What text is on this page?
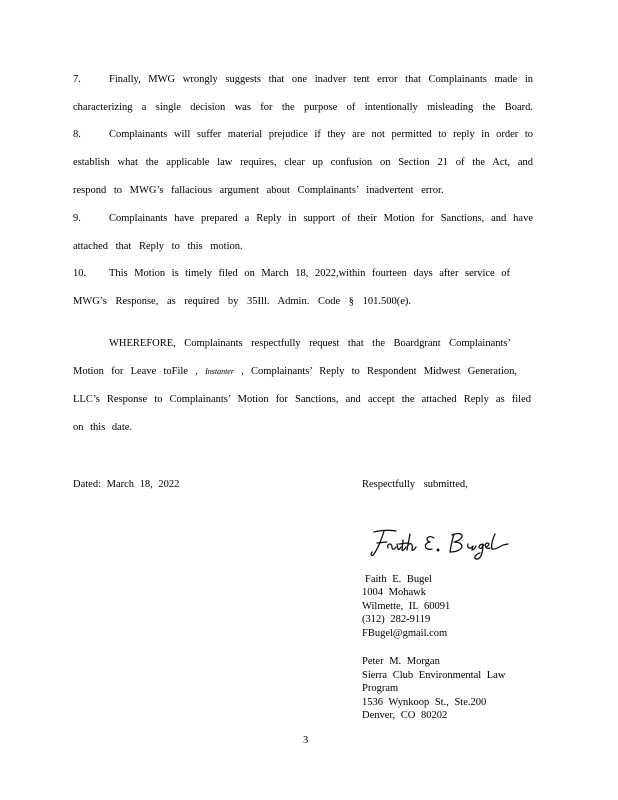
7.	Finally, MWG wrongly suggests that one inadver tent error that Complainants made in
characterizing a single decision was for the purpose of intentionally misleading the Board.
8.	Complainants will suffer material prejudice if they are not permitted to reply in order to
establish what the applicable law requires, clear up confusion on Section 21 of the Act, and
respond to MWG’s fallacious argument about Complainants’ inadvertent error.
9.	Complainants have prepared a Reply in support of their Motion for Sanctions, and have
attached that Reply to this motion.
10. This Motion is timely filed on March 18, 2022,within fourteen days after service of
MWG’s Response, as required by 35Ill. Admin. Code § 101.500(e).
WHEREFORE, Complainants respectfully request that the Boardgrant Complainants’
Motion for Leave toFile , Instanter , Complainants’ Reply to Respondent Midwest Generation,
LLC’s Response to Complainants’ Motion for Sanctions, and accept the attached Reply as filed
on this date.
Dated: March 18, 2022	Respectfully submitted,
Faith E. Bugel
1004 Mohawk
Wilmette, IL 60091
(312) 282-9119
FBugel@gmail.com
Peter M. Morgan
Sierra Club Environmental Law
Program
1536 Wynkoop St., Ste.200
Denver, CO 80202
3
